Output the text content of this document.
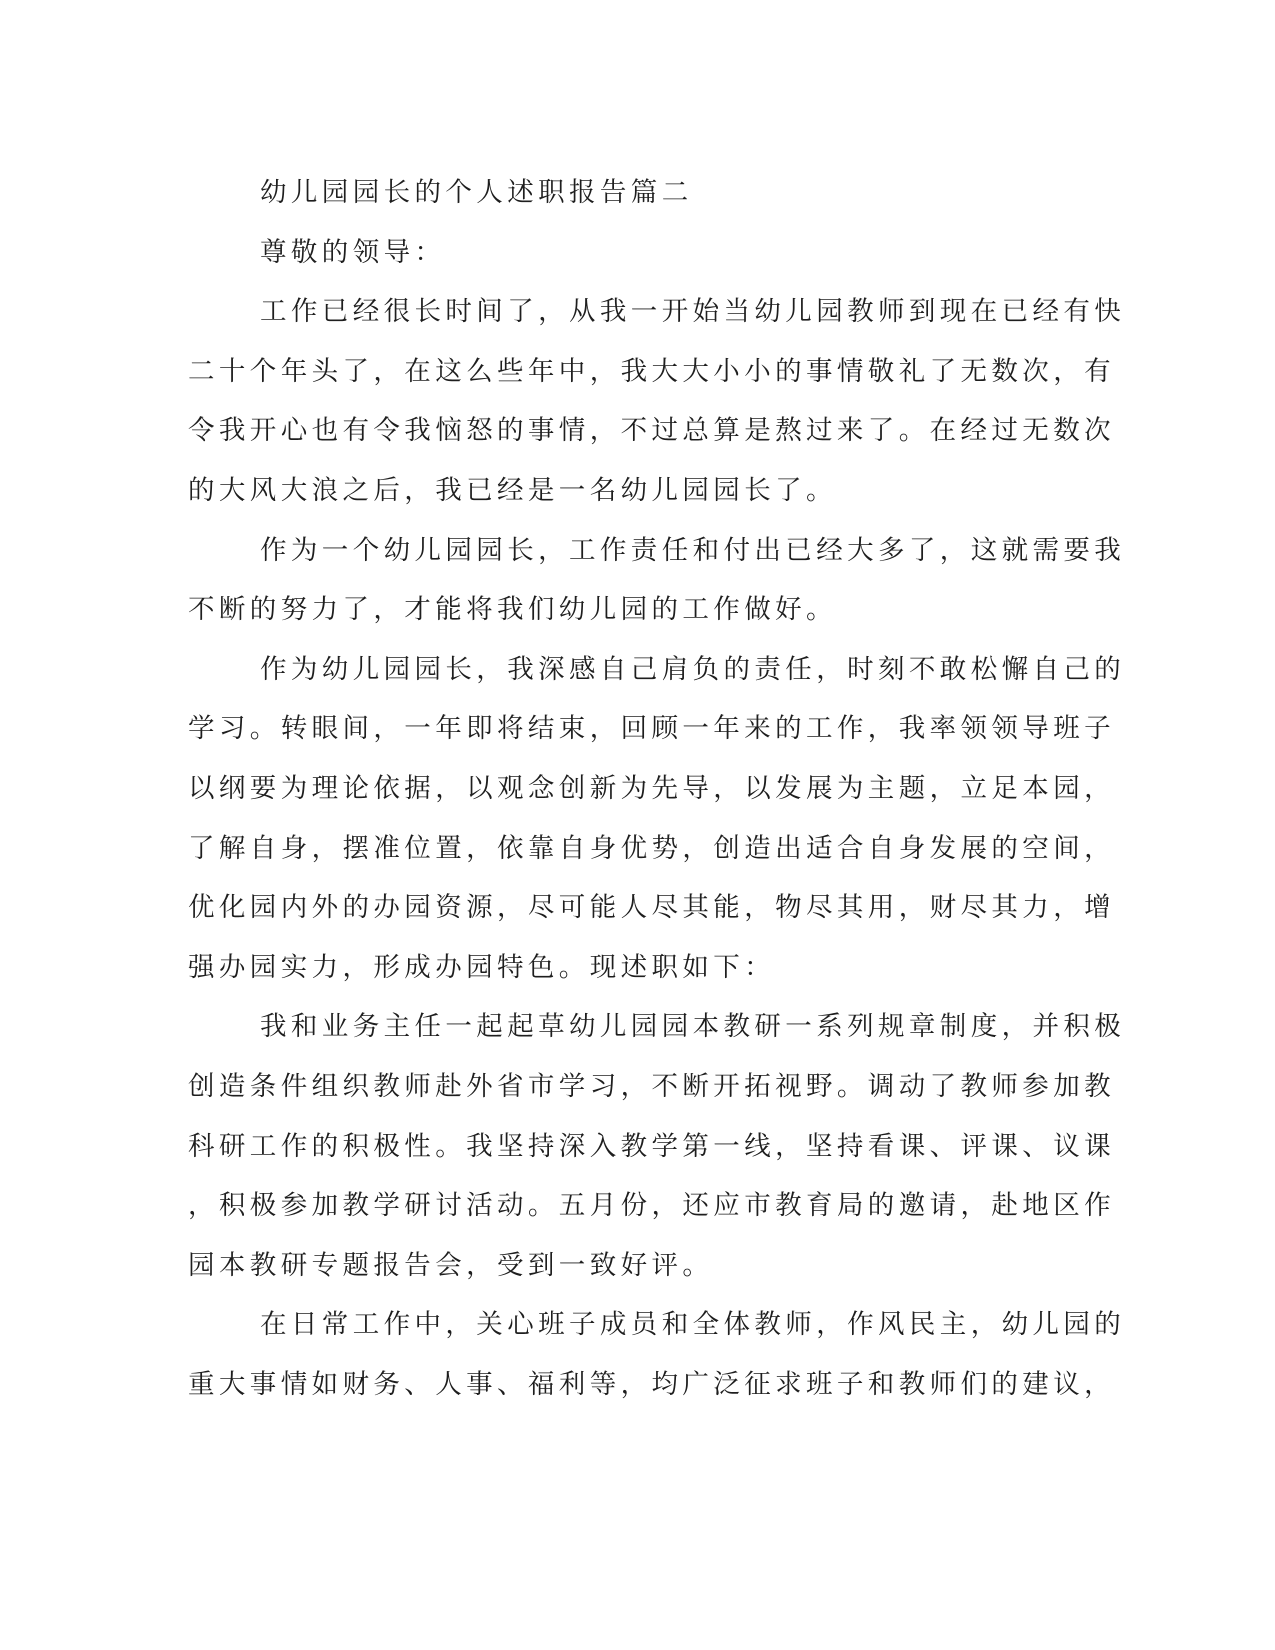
幼儿园园长的个人述职报告篇二
尊敬的领导：
工作已经很长时间了，从我一开始当幼儿园教师到现在已经有快
二十个年头了，在这么些年中，我大大小小的事情敬礼了无数次，有
令我开心也有令我恼怒的事情，不过总算是熬过来了。在经过无数次
的大风大浪之后，我已经是一名幼儿园园长了。
作为一个幼儿园园长，工作责任和付出已经大多了，这就需要我
不断的努力了，才能将我们幼儿园的工作做好。
作为幼儿园园长，我深感自己肩负的责任，时刻不敢松懈自己的
学习。转眼间，一年即将结束，回顾一年来的工作，我率领领导班子
以纲要为理论依据，以观念创新为先导，以发展为主题，立足本园，
了解自身，摆准位置，依靠自身优势，创造出适合自身发展的空间，
优化园内外的办园资源，尽可能人尽其能，物尽其用，财尽其力，增
强办园实力，形成办园特色。现述职如下：
我和业务主任一起起草幼儿园园本教研一系列规章制度，并积极
创造条件组织教师赴外省市学习，不断开拓视野。调动了教师参加教
科研工作的积极性。我坚持深入教学第一线，坚持看课、评课、议课
，积极参加教学研讨活动。五月份，还应市教育局的邀请，赴地区作
园本教研专题报告会，受到一致好评。
在日常工作中，关心班子成员和全体教师，作风民主，幼儿园的
重大事情如财务、人事、福利等，均广泛征求班子和教师们的建议，
